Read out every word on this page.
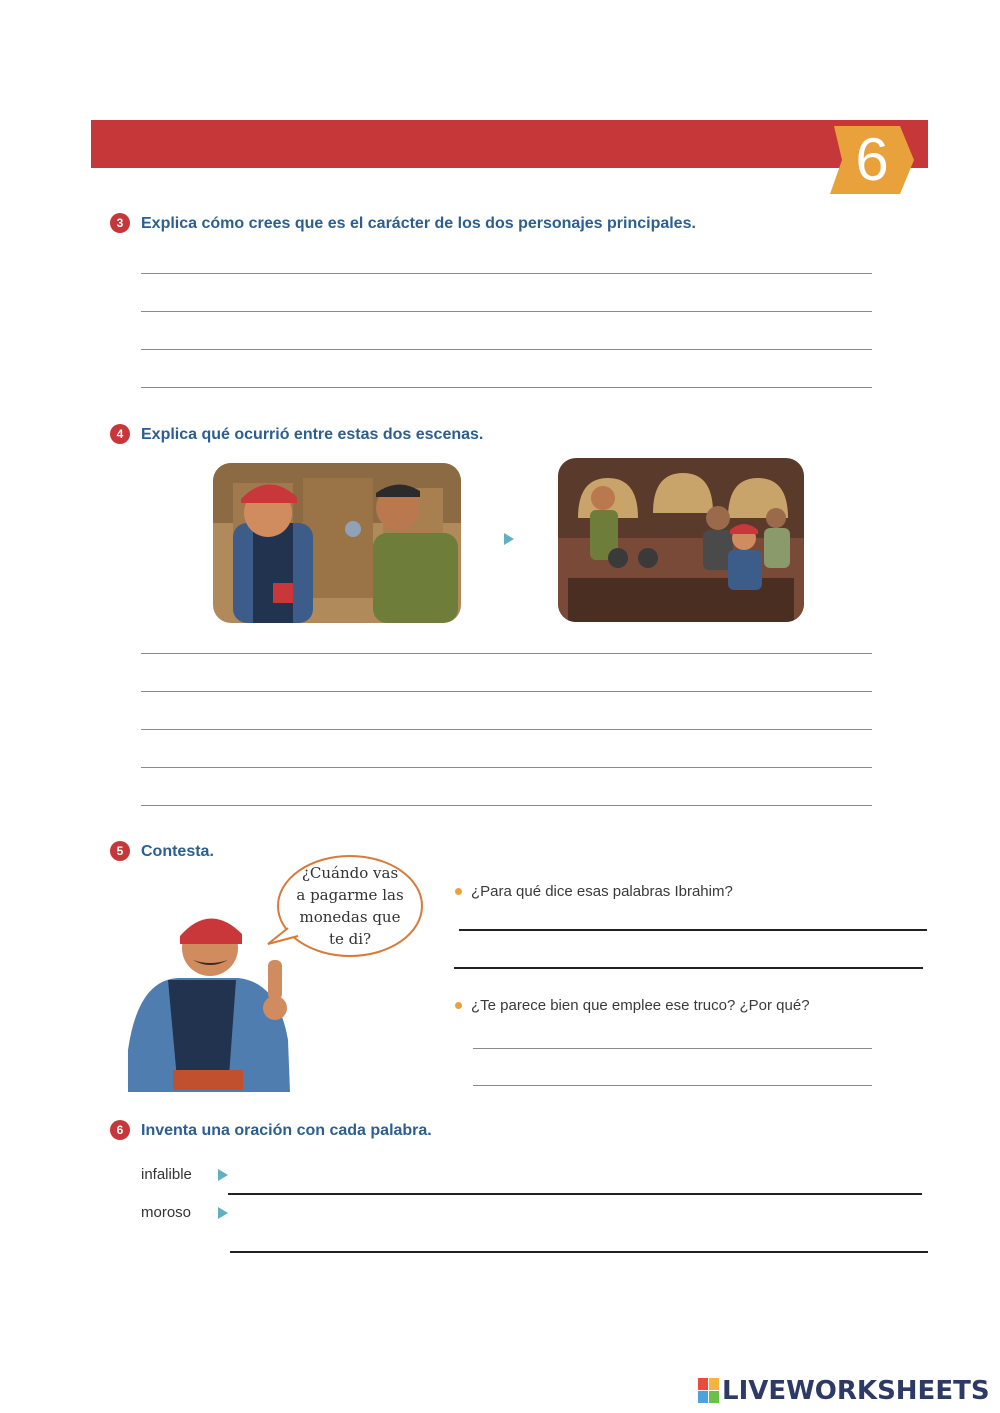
6
3	Explica cómo crees que es el carácter de los dos personajes principales.
4	Explica qué ocurrió entre estas dos escenas.
5	Contesta.
¿Cuándo vas
a pagarme las
monedas que
te di?
¿Para qué dice esas palabras Ibrahim?
¿Te parece bien que emplee ese truco? ¿Por qué?
6	Inventa una oración con cada palabra.
infalible
moroso
LIVEWORKSHEETS
